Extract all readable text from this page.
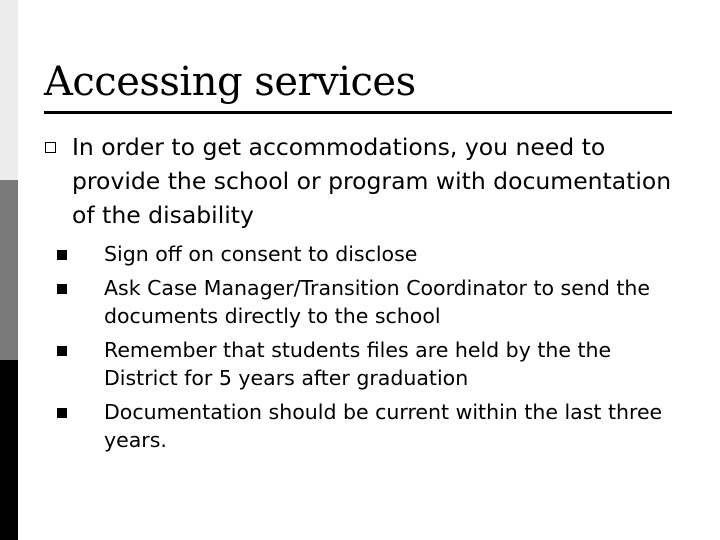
Accessing services
In order to get accommodations, you need to provide the school or program with documentation of the disability
Sign off on consent to disclose
Ask Case Manager/Transition Coordinator to send the documents directly to the school
Remember that students files are held by the the District for 5 years after graduation
Documentation should be current within the last three years.
